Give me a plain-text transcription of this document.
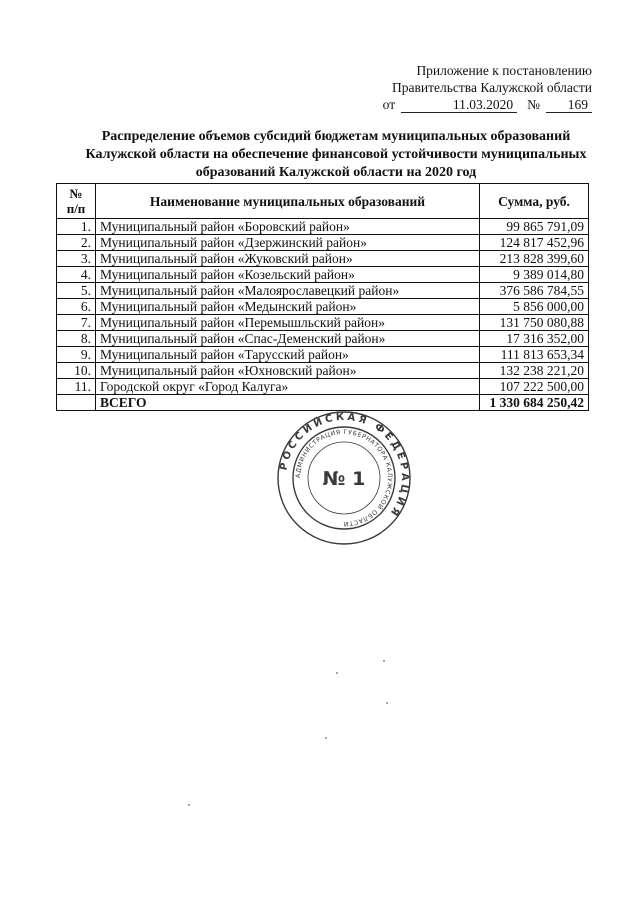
Приложение к постановлению
Правительства Калужской области
от	11.03.2020 №	169
Распределение объемов субсидий бюджетам муниципальных образований
Калужской области на обеспечение финансовой устойчивости муниципальных
образований Калужской области на 2020 год
№
п/п	Наименование муниципальных образований	Сумма, руб.
1.	Муниципальный район «Боровский район»	99 865 791,09
2.	Муниципальный район «Дзержинский район»	124 817 452,96
3.	Муниципальный район «Жуковский район»	213 828 399,60
4.	Муниципальный район «Козельский район»	9 389 014,80
5.	Муниципальный район «Малоярославецкий район»	376 586 784,55
6.	Муниципальный район «Медынский район»	5 856 000,00
7.	Муниципальный район «Перемышльский район»	131 750 080,88
8.	Муниципальный район «Спас-Деменский район»	17 316 352,00
9.	Муниципальный район «Тарусский район»	111 813 653,34
10.	Муниципальный район «Юхновский район»	132 238 221,20
11.	Городской округ «Город Калуга»	107 222 500,00
	ВСЕГО	1 330 684 250,42
РОССИЙСКАЯ ФЕДЕРАЦИЯ
АДМИНИСТРАЦИЯ ГУБЕРНАТОРА КАЛУЖСКОЙ ОБЛАСТИ
№ 1
